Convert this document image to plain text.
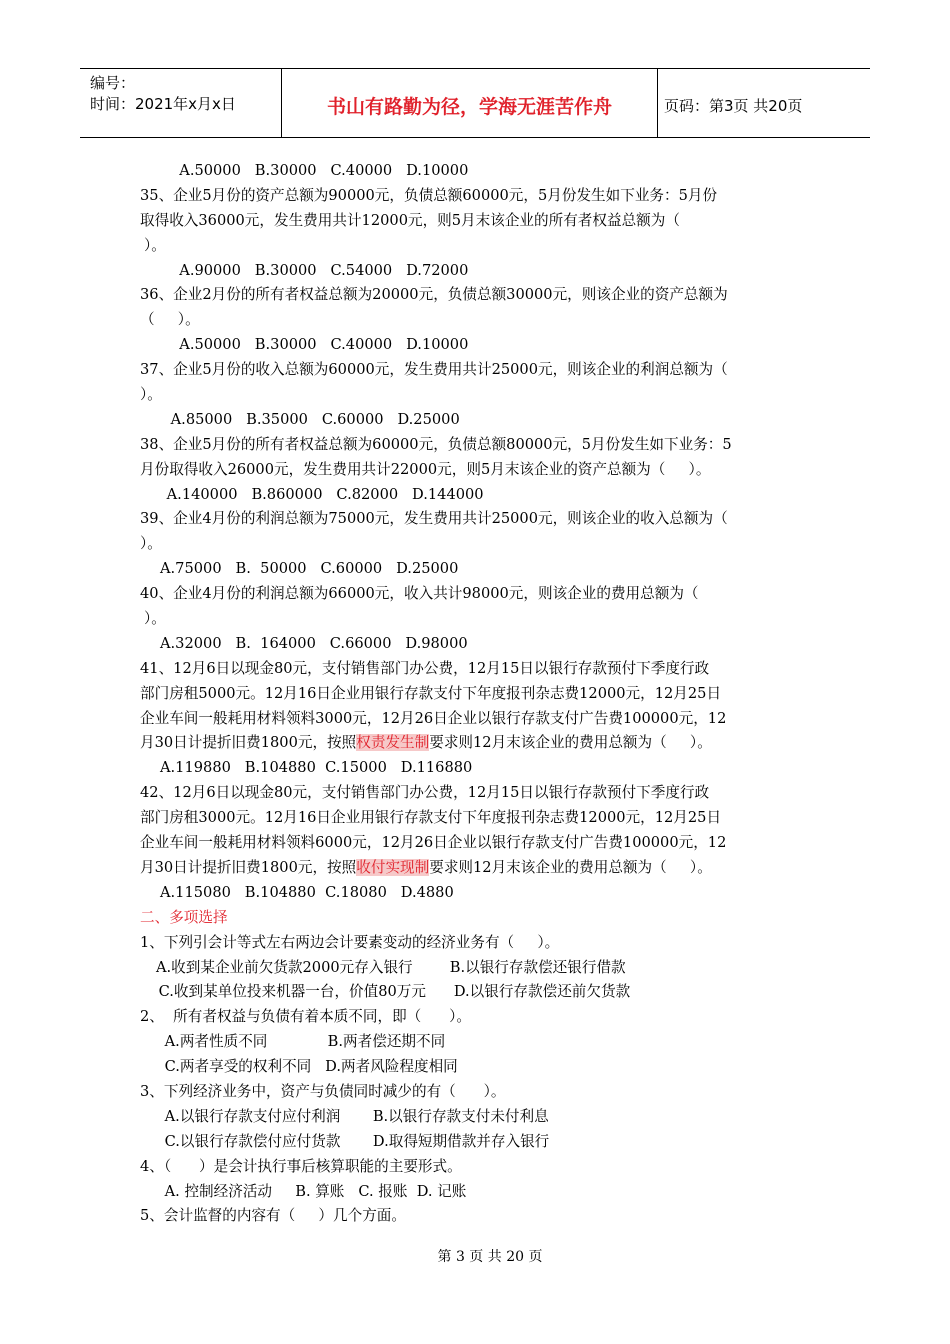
编号：
时间：2021年x月x日	书山有路勤为径，学海无涯苦作舟	页码：第3页 共20页
A.50000   B.30000   C.40000   D.10000
35、企业5月份的资产总额为90000元，负债总额60000元，5月份发生如下业务：5月份
取得收入36000元，发生费用共计12000元，则5月末该企业的所有者权益总额为（
）。
A.90000   B.30000   C.54000   D.72000
36、企业2月份的所有者权益总额为20000元，负债总额30000元，则该企业的资产总额为
（     ）。
A.50000   B.30000   C.40000   D.10000
37、企业5月份的收入总额为60000元，发生费用共计25000元，则该企业的利润总额为（
）。
A.85000   B.35000   C.60000   D.25000
38、企业5月份的所有者权益总额为60000元，负债总额80000元，5月份发生如下业务：5
月份取得收入26000元，发生费用共计22000元，则5月末该企业的资产总额为（     ）。
A.140000   B.860000   C.82000   D.144000
39、企业4月份的利润总额为75000元，发生费用共计25000元，则该企业的收入总额为（
）。
A.75000   B.  50000   C.60000   D.25000
40、企业4月份的利润总额为66000元，收入共计98000元，则该企业的费用总额为（
）。
A.32000   B.  164000   C.66000   D.98000
41、12月6日以现金80元，支付销售部门办公费，12月15日以银行存款预付下季度行政
部门房租5000元。12月16日企业用银行存款支付下年度报刊杂志费12000元，12月25日
企业车间一般耗用材料领料3000元，12月26日企业以银行存款支付广告费100000元，12
月30日计提折旧费1800元，按照权责发生制要求则12月末该企业的费用总额为（     ）。
A.119880   B.104880  C.15000   D.116880
42、12月6日以现金80元，支付销售部门办公费，12月15日以银行存款预付下季度行政
部门房租3000元。12月16日企业用银行存款支付下年度报刊杂志费12000元，12月25日
企业车间一般耗用材料领料6000元，12月26日企业以银行存款支付广告费100000元，12
月30日计提折旧费1800元，按照收付实现制要求则12月末该企业的费用总额为（     ）。
A.115080   B.104880  C.18080   D.4880
二、多项选择
1、下列引会计等式左右两边会计要素变动的经济业务有（     ）。
A.收到某企业前欠货款2000元存入银行        B.以银行存款偿还银行借款
C.收到某单位投来机器一台，价值80万元      D.以银行存款偿还前欠货款
2、  所有者权益与负债有着本质不同，即（      ）。
A.两者性质不同             B.两者偿还期不同
C.两者享受的权利不同   D.两者风险程度相同
3、下列经济业务中，资产与负债同时减少的有（      ）。
A.以银行存款支付应付利润       B.以银行存款支付未付利息
C.以银行存款偿付应付货款       D.取得短期借款并存入银行
4、（      ）是会计执行事后核算职能的主要形式。
A. 控制经济活动     B. 算账   C. 报账  D. 记账
5、会计监督的内容有（     ）几个方面。
第 3 页 共 20 页
